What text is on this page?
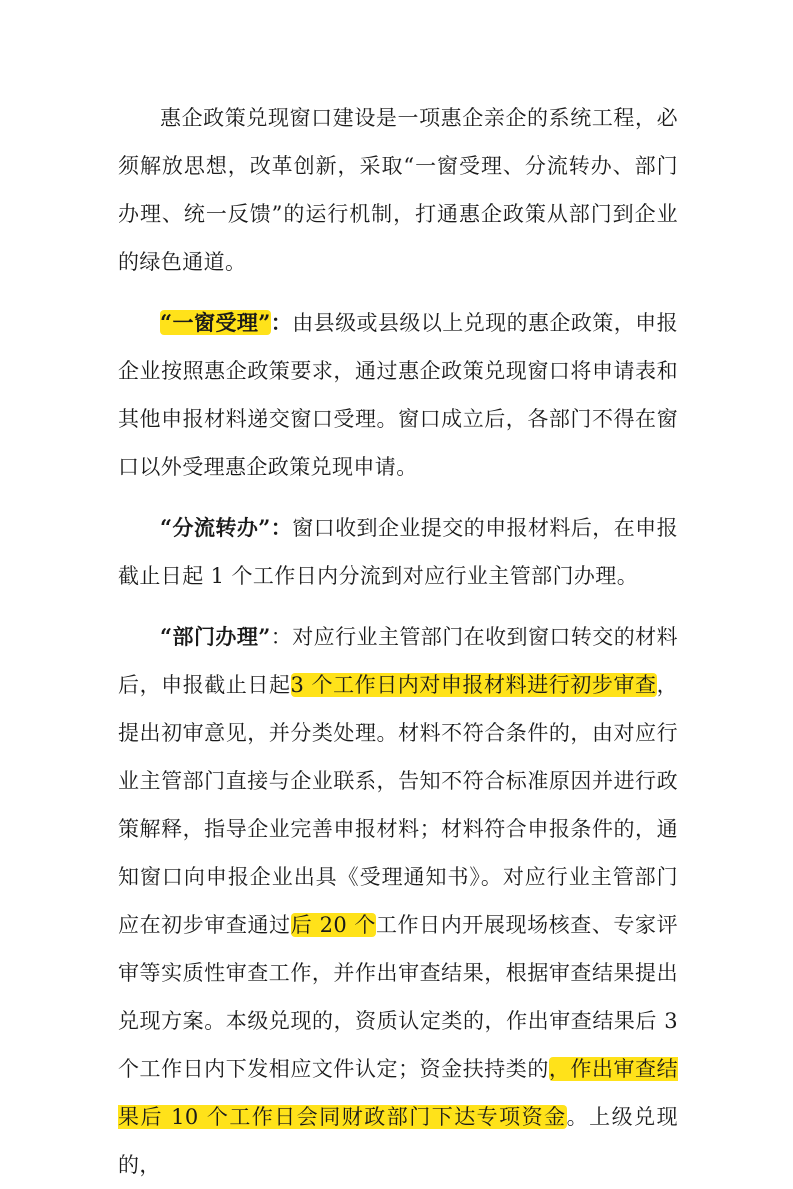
惠企政策兑现窗口建设是一项惠企亲企的系统工程，必须解放思想，改革创新，采取“一窗受理、分流转办、部门办理、统一反馈”的运行机制，打通惠企政策从部门到企业的绿色通道。

“一窗受理”：由县级或县级以上兑现的惠企政策，申报企业按照惠企政策要求，通过惠企政策兑现窗口将申请表和其他申报材料递交窗口受理。窗口成立后，各部门不得在窗口以外受理惠企政策兑现申请。

“分流转办”：窗口收到企业提交的申报材料后，在申报截止日起 1 个工作日内分流到对应行业主管部门办理。

“部门办理”：对应行业主管部门在收到窗口转交的材料后，申报截止日起3 个工作日内对申报材料进行初步审查，提出初审意见，并分类处理。材料不符合条件的，由对应行业主管部门直接与企业联系，告知不符合标准原因并进行政策解释，指导企业完善申报材料；材料符合申报条件的，通知窗口向申报企业出具《受理通知书》。对应行业主管部门应在初步审查通过后 20 个工作日内开展现场核查、专家评审等实质性审查工作，并作出审查结果，根据审查结果提出兑现方案。本级兑现的，资质认定类的，作出审查结果后 3 个工作日内下发相应文件认定；资金扶持类的，作出审查结果后 10 个工作日会同财政部门下达专项资金。上级兑现的，
